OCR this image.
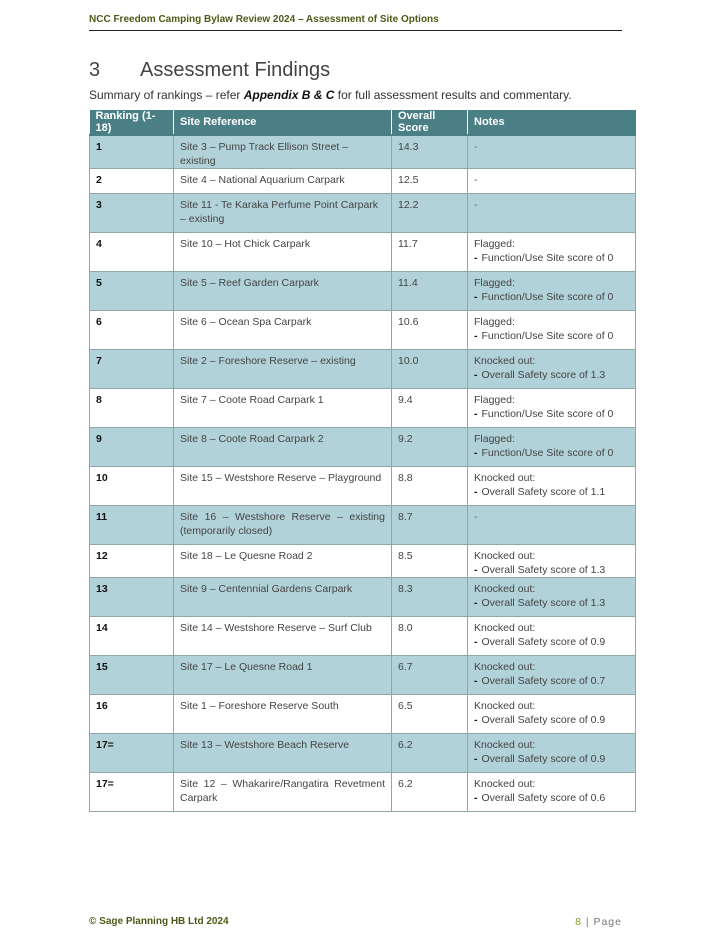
NCC Freedom Camping Bylaw Review 2024 – Assessment of Site Options
3 Assessment Findings
Summary of rankings – refer Appendix B & C for full assessment results and commentary.
Ranking (1-18)	Site Reference	Overall Score	Notes
1	Site 3 – Pump Track Ellison Street – existing	14.3	-

2	Site 4 – National Aquarium Carpark	12.5	-

3	Site 11 - Te Karaka Perfume Point Carpark – existing	12.2	-

4	Site 10 – Hot Chick Carpark	11.7	Flagged:
- Function/Use Site score of 0

5	Site 5 – Reef Garden Carpark	11.4	Flagged:
- Function/Use Site score of 0

6	Site 6 – Ocean Spa Carpark	10.6	Flagged:
- Function/Use Site score of 0

7	Site 2 – Foreshore Reserve – existing	10.0	Knocked out:
- Overall Safety score of 1.3

8	Site 7 – Coote Road Carpark 1	9.4	Flagged:
- Function/Use Site score of 0

9	Site 8 – Coote Road Carpark 2	9.2	Flagged:
- Function/Use Site score of 0

10	Site 15 – Westshore Reserve – Playground	8.8	Knocked out:
- Overall Safety score of 1.1

11	Site 16 – Westshore Reserve – existing (temporarily closed)	8.7	-

12	Site 18 – Le Quesne Road 2	8.5	Knocked out:
- Overall Safety score of 1.3

13	Site 9 – Centennial Gardens Carpark	8.3	Knocked out:
- Overall Safety score of 1.3

14	Site 14 – Westshore Reserve – Surf Club	8.0	Knocked out:
- Overall Safety score of 0.9

15	Site 17 – Le Quesne Road 1	6.7	Knocked out:
- Overall Safety score of 0.7

16	Site 1 – Foreshore Reserve South	6.5	Knocked out:
- Overall Safety score of 0.9

17=	Site 13 – Westshore Beach Reserve	6.2	Knocked out:
- Overall Safety score of 0.9

17=	Site 12 – Whakarire/Rangatira Revetment Carpark	6.2	Knocked out:
- Overall Safety score of 0.6
© Sage Planning HB Ltd 2024	8 | Page
